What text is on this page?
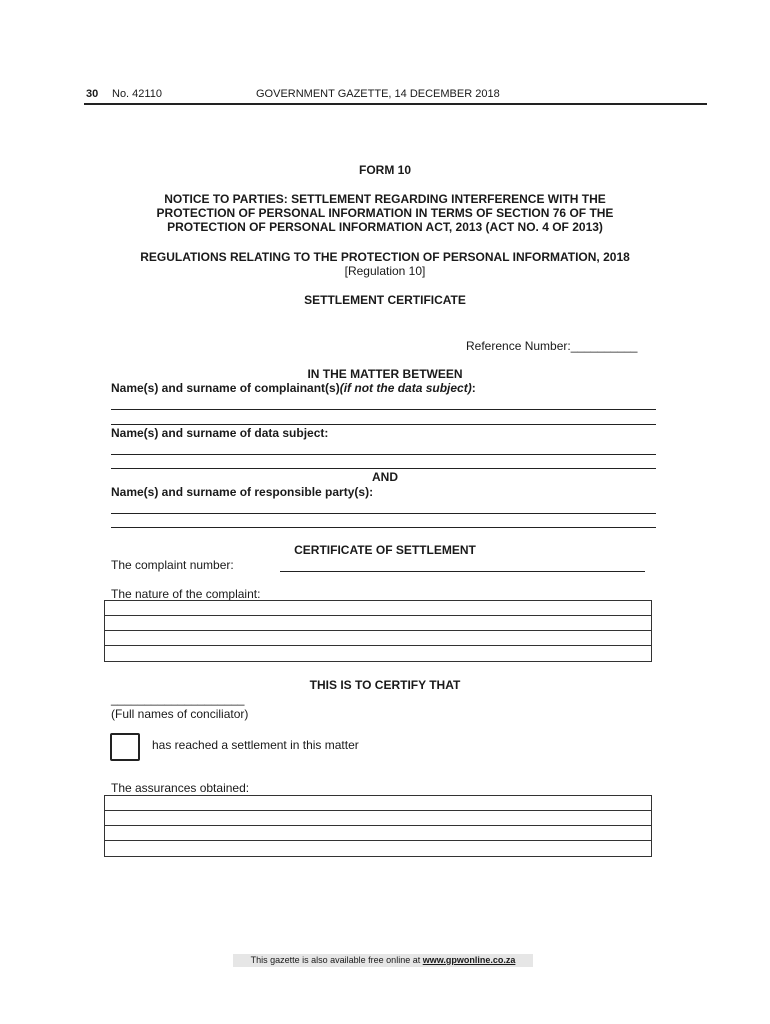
30 No. 42110	GOVERNMENT GAZETTE, 14 DECEMBER 2018
FORM 10
NOTICE TO PARTIES: SETTLEMENT REGARDING INTERFERENCE WITH THE
PROTECTION OF PERSONAL INFORMATION IN TERMS OF SECTION 76 OF THE
PROTECTION OF PERSONAL INFORMATION ACT, 2013 (ACT NO. 4 OF 2013)
REGULATIONS RELATING TO THE PROTECTION OF PERSONAL INFORMATION, 2018
[Regulation 10]
SETTLEMENT CERTIFICATE
Reference Number:__________
IN THE MATTER BETWEEN
Name(s) and surname of complainant(s)(if not the data subject):
Name(s) and surname of data subject:
AND
Name(s) and surname of responsible party(s):
CERTIFICATE OF SETTLEMENT
The complaint number:
The nature of the complaint:
THIS IS TO CERTIFY THAT
____________________
(Full names of conciliator)
has reached a settlement in this matter
The assurances obtained:
This gazette is also available free online at www.gpwonline.co.za
